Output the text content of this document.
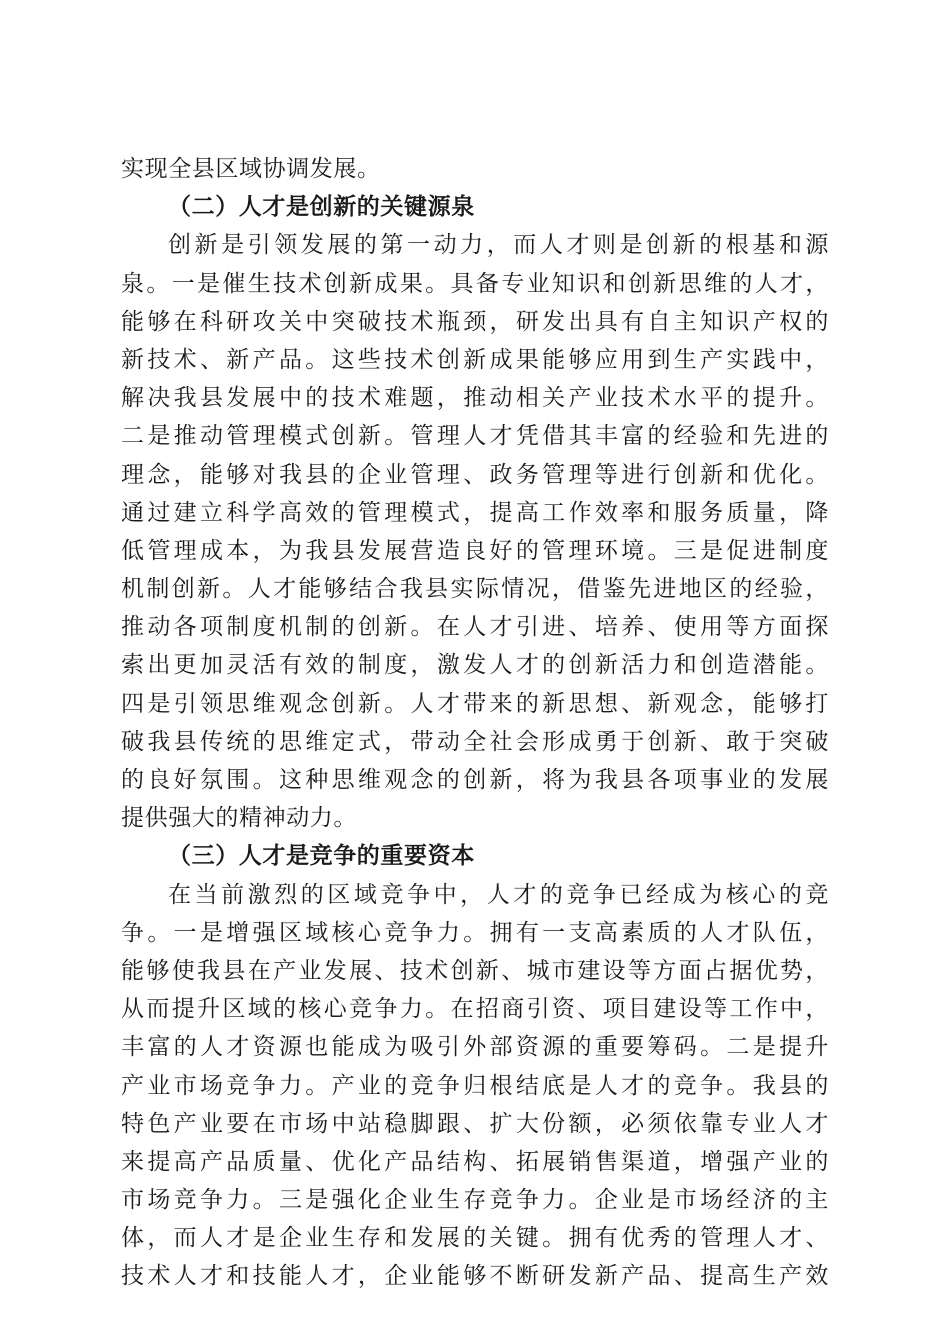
实现全县区域协调发展。
（二）人才是创新的关键源泉
创新是引领发展的第一动力，而人才则是创新的根基和源
泉。一是催生技术创新成果。具备专业知识和创新思维的人才，
能够在科研攻关中突破技术瓶颈，研发出具有自主知识产权的
新技术、新产品。这些技术创新成果能够应用到生产实践中，
解决我县发展中的技术难题，推动相关产业技术水平的提升。
二是推动管理模式创新。管理人才凭借其丰富的经验和先进的
理念，能够对我县的企业管理、政务管理等进行创新和优化。
通过建立科学高效的管理模式，提高工作效率和服务质量，降
低管理成本，为我县发展营造良好的管理环境。三是促进制度
机制创新。人才能够结合我县实际情况，借鉴先进地区的经验，
推动各项制度机制的创新。在人才引进、培养、使用等方面探
索出更加灵活有效的制度，激发人才的创新活力和创造潜能。
四是引领思维观念创新。人才带来的新思想、新观念，能够打
破我县传统的思维定式，带动全社会形成勇于创新、敢于突破
的良好氛围。这种思维观念的创新，将为我县各项事业的发展
提供强大的精神动力。
（三）人才是竞争的重要资本
在当前激烈的区域竞争中，人才的竞争已经成为核心的竞
争。一是增强区域核心竞争力。拥有一支高素质的人才队伍，
能够使我县在产业发展、技术创新、城市建设等方面占据优势，
从而提升区域的核心竞争力。在招商引资、项目建设等工作中，
丰富的人才资源也能成为吸引外部资源的重要筹码。二是提升
产业市场竞争力。产业的竞争归根结底是人才的竞争。我县的
特色产业要在市场中站稳脚跟、扩大份额，必须依靠专业人才
来提高产品质量、优化产品结构、拓展销售渠道，增强产业的
市场竞争力。三是强化企业生存竞争力。企业是市场经济的主
体，而人才是企业生存和发展的关键。拥有优秀的管理人才、
技术人才和技能人才，企业能够不断研发新产品、提高生产效
